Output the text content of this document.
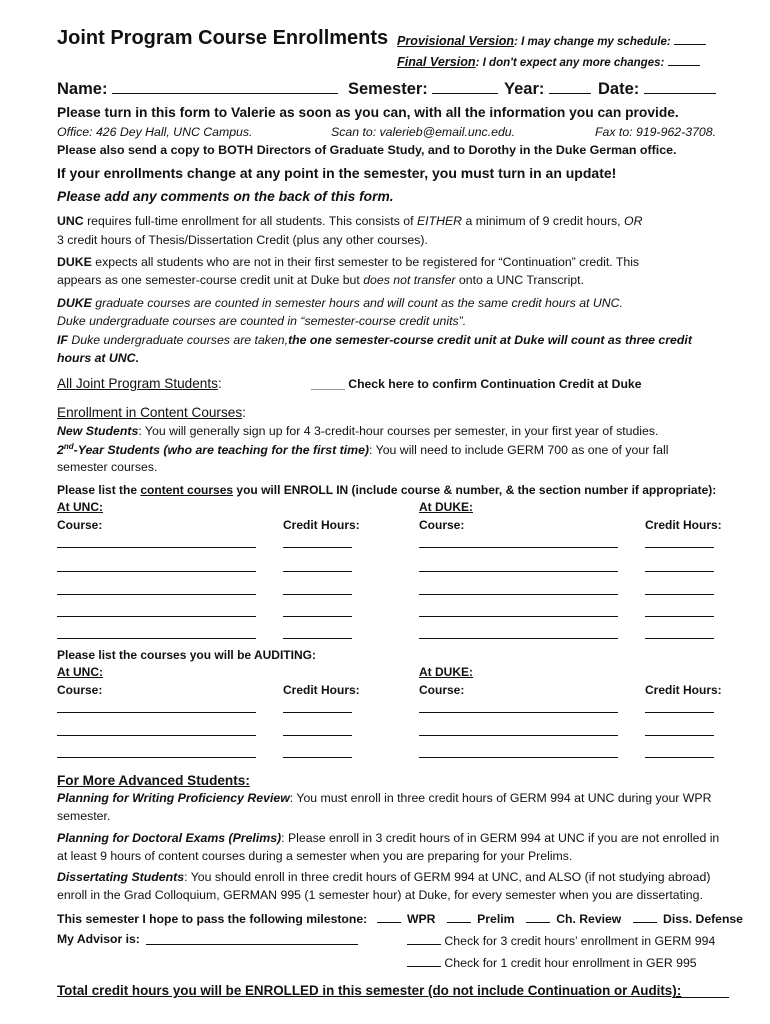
Joint Program Course Enrollments Provisional Version: I may change my schedule:
Final Version: I don't expect any more changes:
Name:	Semester:	Year:	Date:
Please turn in this form to Valerie as soon as you can, with all the information you can provide.
Office: 426 Dey Hall, UNC Campus.	Scan to: valerieb@email.unc.edu.	Fax to: 919-962-3708.
Please also send a copy to BOTH Directors of Graduate Study, and to Dorothy in the Duke German office.
If your enrollments change at any point in the semester, you must turn in an update!
Please add any comments on the back of this form.
UNC requires full-time enrollment for all students. This consists of EITHER a minimum of 9 credit hours, OR
3 credit hours of Thesis/Dissertation Credit (plus any other courses).
DUKE expects all students who are not in their first semester to be registered for “Continuation” credit. This
appears as one semester-course credit unit at Duke but does not transfer onto a UNC Transcript.
DUKE graduate courses are counted in semester hours and will count as the same credit hours at UNC.
Duke undergraduate courses are counted in “semester-course credit units”.
IF Duke undergraduate courses are taken,the one semester-course credit unit at Duke will count as three credit
hours at UNC.
All Joint Program Students:	_____ Check here to confirm Continuation Credit at Duke
Enrollment in Content Courses:
New Students: You will generally sign up for 4 3-credit-hour courses per semester, in your first year of studies.
2nd-Year Students (who are teaching for the first time): You will need to include GERM 700 as one of your fall
semester courses.
Please list the content courses you will ENROLL IN (include course & number, & the section number if appropriate):
At UNC:	At DUKE:
Course:	Credit Hours:	Course:	Credit Hours:
Please list the courses you will be AUDITING:
At UNC:	At DUKE:
Course:	Credit Hours:	Course:	Credit Hours:
For More Advanced Students:
Planning for Writing Proficiency Review: You must enroll in three credit hours of GERM 994 at UNC during your WPR
semester.
Planning for Doctoral Exams (Prelims): Please enroll in 3 credit hours of in GERM 994 at UNC if you are not enrolled in
at least 9 hours of content courses during a semester when you are preparing for your Prelims.
Dissertating Students: You should enroll in three credit hours of GERM 994 at UNC, and ALSO (if not studying abroad)
enroll in the Grad Colloquium, GERMAN 995 (1 semester hour) at Duke, for every semester when you are dissertating.
This semester I hope to pass the following milestone:	WPR	Prelim	Ch. Review	Diss. Defense
My Advisor is:	Check for 3 credit hours’ enrollment in GERM 994
Check for 1 credit hour enrollment in GER 995
Total credit hours you will be ENROLLED in this semester (do not include Continuation or Audits):
